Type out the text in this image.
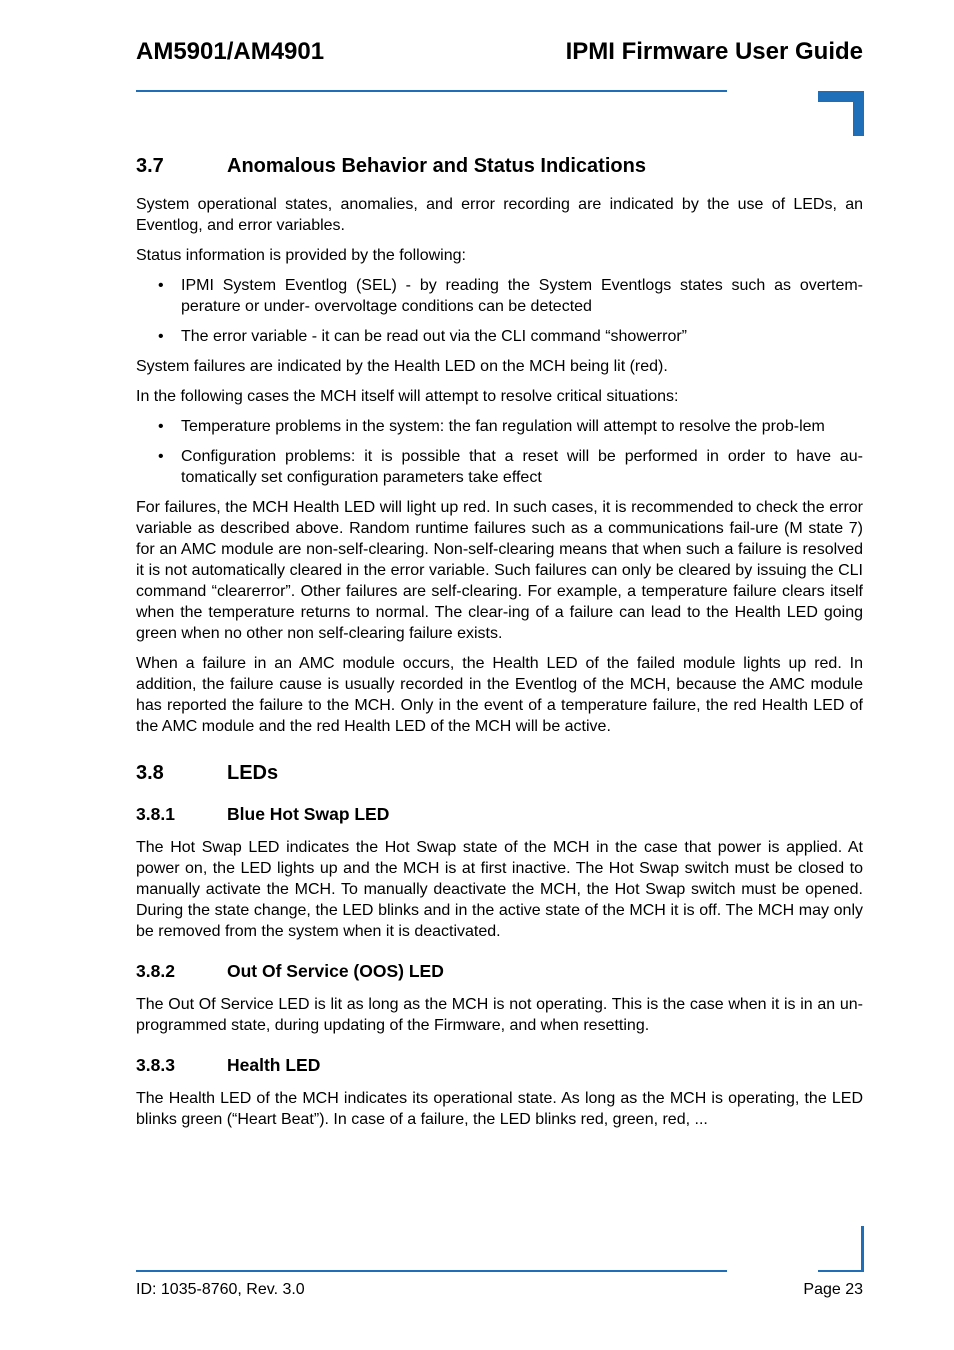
AM5901/AM4901	IPMI Firmware User Guide
3.7	Anomalous Behavior and Status Indications

System operational states, anomalies, and error recording are indicated by the use of LEDs, an Eventlog, and error variables.

Status information is provided by the following:

• IPMI System Eventlog (SEL) - by reading the System Eventlogs states such as overtem-perature or under- overvoltage conditions can be detected
• The error variable - it can be read out via the CLI command “showerror”

System failures are indicated by the Health LED on the MCH being lit (red).

In the following cases the MCH itself will attempt to resolve critical situations:

• Temperature problems in the system: the fan regulation will attempt to resolve the prob-lem
• Configuration problems: it is possible that a reset will be performed in order to have au-tomatically set configuration parameters take effect

For failures, the MCH Health LED will light up red. In such cases, it is recommended to check the error variable as described above. Random runtime failures such as a communications fail-ure (M state 7) for an AMC module are non-self-clearing. Non-self-clearing means that when such a failure is resolved it is not automatically cleared in the error variable. Such failures can only be cleared by issuing the CLI command “clearerror”. Other failures are self-clearing. For example, a temperature failure clears itself when the temperature returns to normal. The clear-ing of a failure can lead to the Health LED going green when no other non self-clearing failure exists.

When a failure in an AMC module occurs, the Health LED of the failed module lights up red. In addition, the failure cause is usually recorded in the Eventlog of the MCH, because the AMC module has reported the failure to the MCH. Only in the event of a temperature failure, the red Health LED of the AMC module and the red Health LED of the MCH will be active.

3.8	LEDs
3.8.1	Blue Hot Swap LED

The Hot Swap LED indicates the Hot Swap state of the MCH in the case that power is applied. At power on, the LED lights up and the MCH is at first inactive. The Hot Swap switch must be closed to manually activate the MCH. To manually deactivate the MCH, the Hot Swap switch must be opened. During the state change, the LED blinks and in the active state of the MCH it is off. The MCH may only be removed from the system when it is deactivated.

3.8.2	Out Of Service (OOS) LED

The Out Of Service LED is lit as long as the MCH is not operating. This is the case when it is in an un-programmed state, during updating of the Firmware, and when resetting.

3.8.3	Health LED

The Health LED of the MCH indicates its operational state. As long as the MCH is operating, the LED blinks green (“Heart Beat”). In case of a failure, the LED blinks red, green, red, ...

ID: 1035-8760, Rev. 3.0	Page 23
